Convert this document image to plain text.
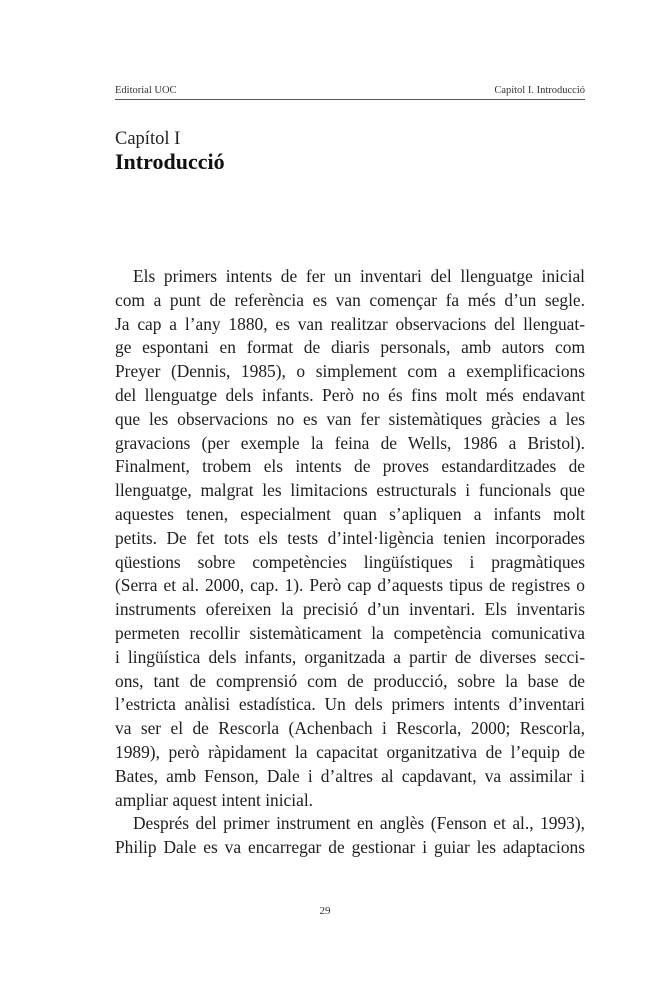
Editorial UOC	Capítol I. Introducció
Capítol I
Introducció
Els primers intents de fer un inventari del llenguatge inicial
com a punt de referència es van començar fa més d’un segle.
Ja cap a l’any 1880, es van realitzar observacions del llenguat-
ge espontani en format de diaris personals, amb autors com
Preyer (Dennis, 1985), o simplement com a exemplificacions
del llenguatge dels infants. Però no és fins molt més endavant
que les observacions no es van fer sistemàtiques gràcies a les
gravacions (per exemple la feina de Wells, 1986 a Bristol).
Finalment, trobem els intents de proves estandarditzades de
llenguatge, malgrat les limitacions estructurals i funcionals que
aquestes tenen, especialment quan s’apliquen a infants molt
petits. De fet tots els tests d’intel·ligència tenien incorporades
qüestions sobre competències lingüístiques i pragmàtiques
(Serra et al. 2000, cap. 1). Però cap d’aquests tipus de registres o
instruments ofereixen la precisió d’un inventari. Els inventaris
permeten recollir sistemàticament la competència comunicativa
i lingüística dels infants, organitzada a partir de diverses secci-
ons, tant de comprensió com de producció, sobre la base de
l’estricta anàlisi estadística. Un dels primers intents d’inventari
va ser el de Rescorla (Achenbach i Rescorla, 2000; Rescorla,
1989), però ràpidament la capacitat organitzativa de l’equip de
Bates, amb Fenson, Dale i d’altres al capdavant, va assimilar i
ampliar aquest intent inicial.
Després del primer instrument en anglès (Fenson et al., 1993),
Philip Dale es va encarregar de gestionar i guiar les adaptacions
29
